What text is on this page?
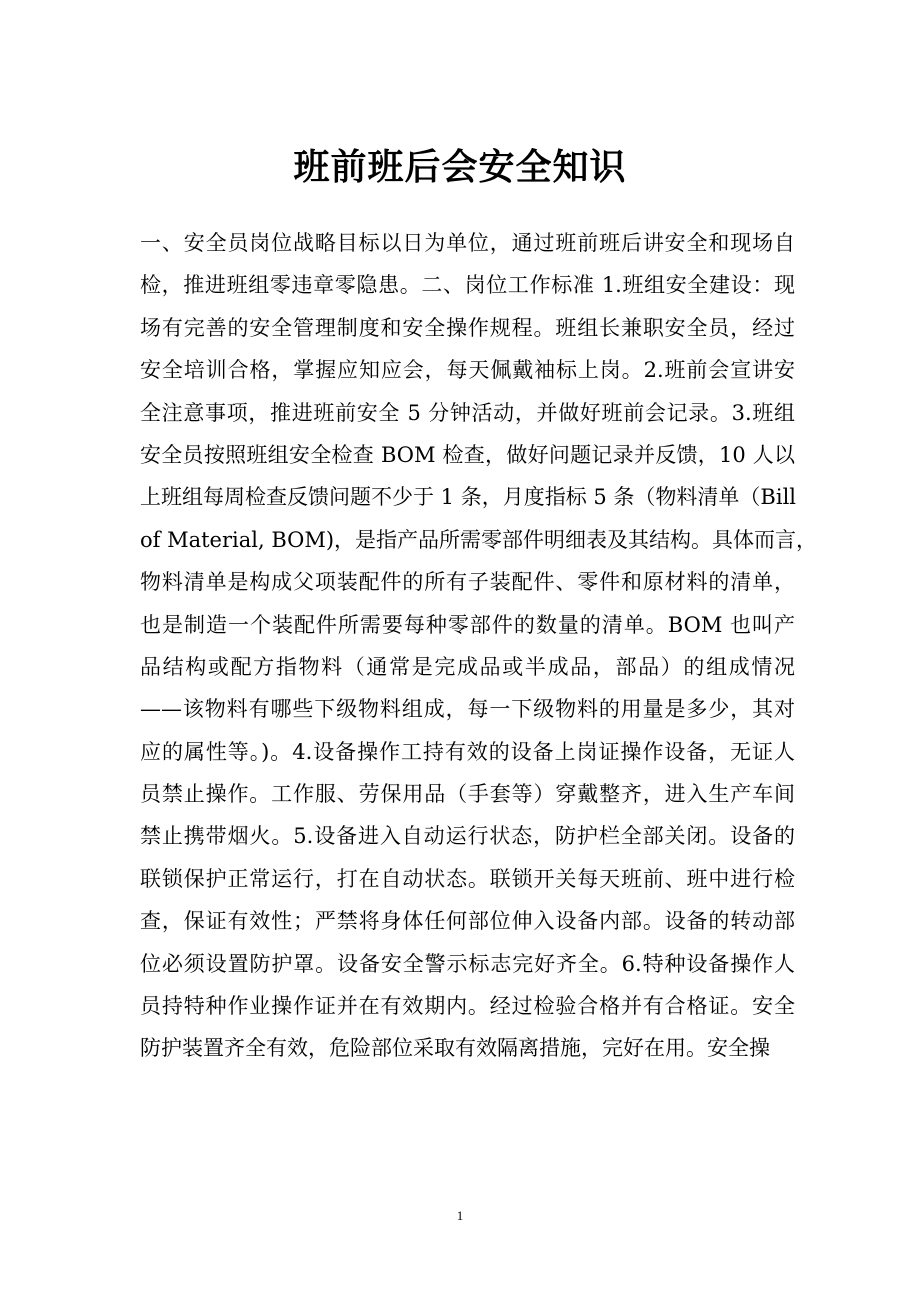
班前班后会安全知识
一、安全员岗位战略目标以日为单位，通过班前班后讲安全和现场自
检，推进班组零违章零隐患。二、岗位工作标准 1.班组安全建设：现
场有完善的安全管理制度和安全操作规程。班组长兼职安全员，经过
安全培训合格，掌握应知应会，每天佩戴袖标上岗。2.班前会宣讲安
全注意事项，推进班前安全 5 分钟活动，并做好班前会记录。3.班组
安全员按照班组安全检查 BOM 检查，做好问题记录并反馈，10 人以
上班组每周检查反馈问题不少于 1 条，月度指标 5 条（物料清单（Bill
of Material, BOM)，是指产品所需零部件明细表及其结构。具体而言，
物料清单是构成父项装配件的所有子装配件、零件和原材料的清单，
也是制造一个装配件所需要每种零部件的数量的清单。BOM 也叫产
品结构或配方指物料（通常是完成品或半成品，部品）的组成情况
——该物料有哪些下级物料组成，每一下级物料的用量是多少，其对
应的属性等。)。4.设备操作工持有效的设备上岗证操作设备，无证人
员禁止操作。工作服、劳保用品（手套等）穿戴整齐，进入生产车间
禁止携带烟火。5.设备进入自动运行状态，防护栏全部关闭。设备的
联锁保护正常运行，打在自动状态。联锁开关每天班前、班中进行检
查，保证有效性；严禁将身体任何部位伸入设备内部。设备的转动部
位必须设置防护罩。设备安全警示标志完好齐全。6.特种设备操作人
员持特种作业操作证并在有效期内。经过检验合格并有合格证。安全
防护装置齐全有效，危险部位采取有效隔离措施，完好在用。安全操
1
